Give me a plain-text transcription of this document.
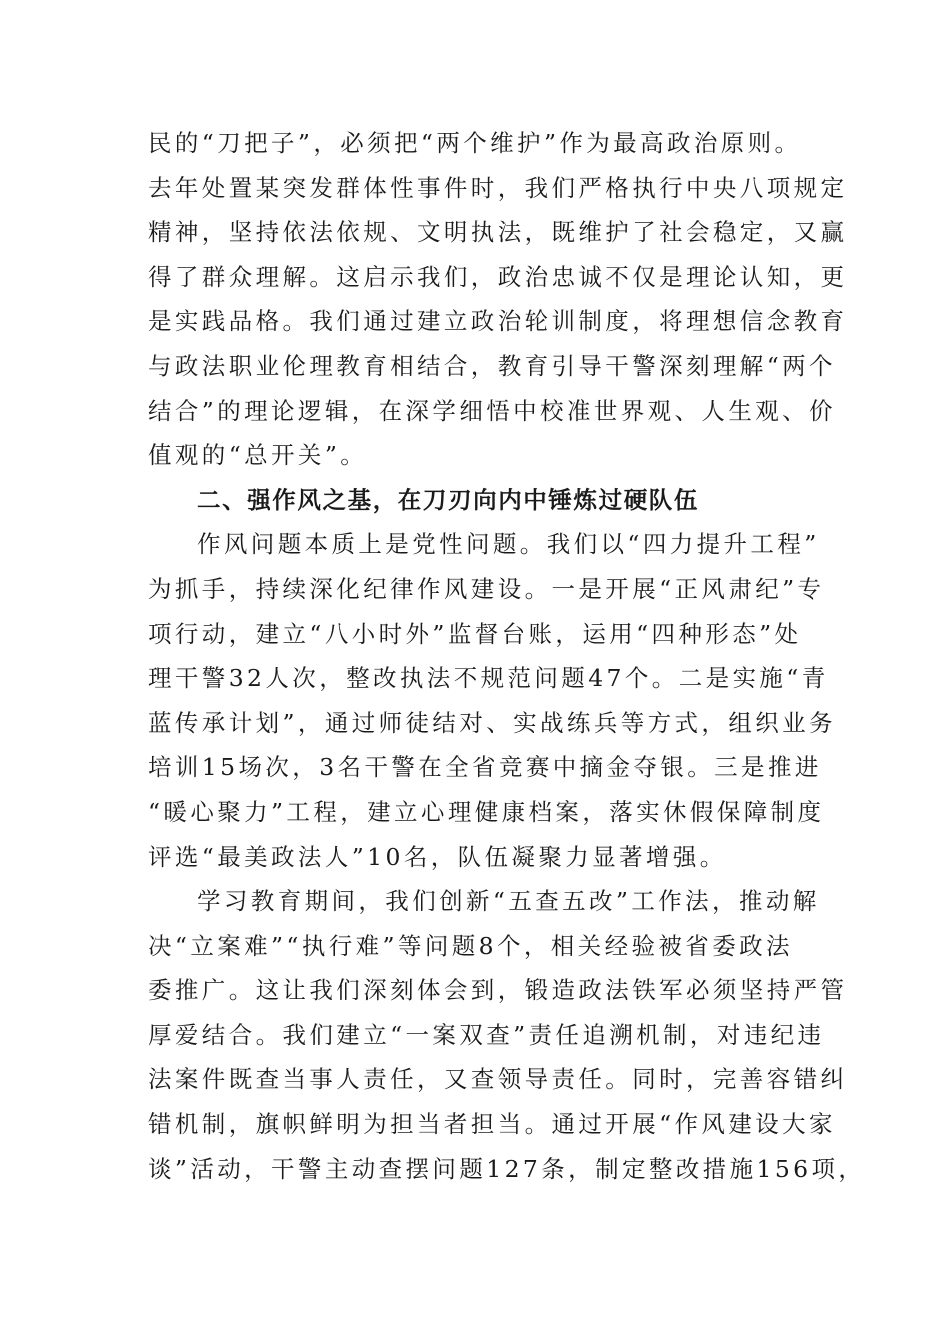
民的“刀把子”，必须把“两个维护”作为最高政治原则。
去年处置某突发群体性事件时，我们严格执行中央八项规定
精神，坚持依法依规、文明执法，既维护了社会稳定，又赢
得了群众理解。这启示我们，政治忠诚不仅是理论认知，更
是实践品格。我们通过建立政治轮训制度，将理想信念教育
与政法职业伦理教育相结合，教育引导干警深刻理解“两个
结合”的理论逻辑，在深学细悟中校准世界观、人生观、价
值观的“总开关”。
二、强作风之基，在刀刃向内中锤炼过硬队伍
作风问题本质上是党性问题。我们以“四力提升工程”
为抓手，持续深化纪律作风建设。一是开展“正风肃纪”专
项行动，建立“八小时外”监督台账，运用“四种形态”处
理干警32人次，整改执法不规范问题47个。二是实施“青
蓝传承计划”，通过师徒结对、实战练兵等方式，组织业务
培训15场次，3名干警在全省竞赛中摘金夺银。三是推进
“暖心聚力”工程，建立心理健康档案，落实休假保障制度
评选“最美政法人”10名，队伍凝聚力显著增强。
学习教育期间，我们创新“五查五改”工作法，推动解
决“立案难”“执行难”等问题8个，相关经验被省委政法
委推广。这让我们深刻体会到，锻造政法铁军必须坚持严管
厚爱结合。我们建立“一案双查”责任追溯机制，对违纪违
法案件既查当事人责任，又查领导责任。同时，完善容错纠
错机制，旗帜鲜明为担当者担当。通过开展“作风建设大家
谈”活动，干警主动查摆问题127条，制定整改措施156项，
